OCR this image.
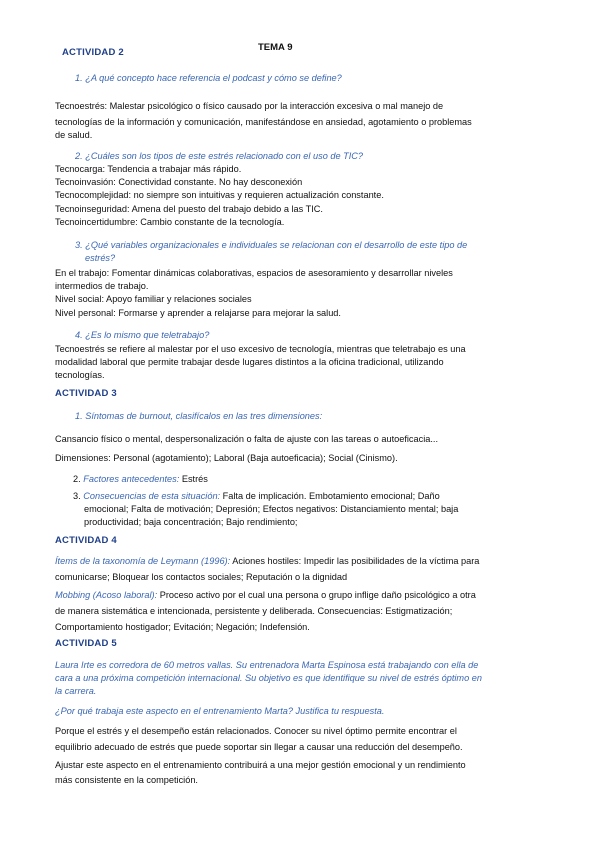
ACTIVIDAD 2	TEMA 9
1. ¿A qué concepto hace referencia el podcast y cómo se define?
Tecnoestrés: Malestar psicológico o físico causado por la interacción excesiva o mal manejo de
tecnologías de la información y comunicación, manifestándose en ansiedad, agotamiento o problemas
de salud.
2. ¿Cuáles son los tipos de este estrés relacionado con el uso de TIC?
Tecnocarga: Tendencia a trabajar más rápido.
Tecnoinvasión: Conectividad constante. No hay desconexión
Tecnocomplejidad: no siempre son intuitivas y requieren actualización constante.
Tecnoinseguridad: Amena del puesto del trabajo debido a las TIC.
Tecnoincertidumbre: Cambio constante de la tecnología.
3. ¿Qué variables organizacionales e individuales se relacionan con el desarrollo de este tipo de
estrés?
En el trabajo: Fomentar dinámicas colaborativas, espacios de asesoramiento y desarrollar niveles
intermedios de trabajo.
Nivel social: Apoyo familiar y relaciones sociales
Nivel personal: Formarse y aprender a relajarse para mejorar la salud.
4. ¿Es lo mismo que teletrabajo?
Tecnoestrés se refiere al malestar por el uso excesivo de tecnología, mientras que teletrabajo es una
modalidad laboral que permite trabajar desde lugares distintos a la oficina tradicional, utilizando
tecnologías.
ACTIVIDAD 3
1. Síntomas de burnout, clasifícalos en las tres dimensiones:
Cansancio físico o mental, despersonalización o falta de ajuste con las tareas o autoeficacia...
Dimensiones: Personal (agotamiento); Laboral (Baja autoeficacia); Social (Cinismo).
2. Factores antecedentes: Estrés
3. Consecuencias de esta situación: Falta de implicación. Embotamiento emocional; Daño
emocional; Falta de motivación; Depresión; Efectos negativos: Distanciamiento mental; baja
productividad; baja concentración; Bajo rendimiento;
ACTIVIDAD 4
Ítems de la taxonomía de Leymann (1996): Aciones hostiles: Impedir las posibilidades de la víctima para
comunicarse; Bloquear los contactos sociales; Reputación o la dignidad
Mobbing (Acoso laboral): Proceso activo por el cual una persona o grupo inflige daño psicológico a otra
de manera sistemática e intencionada, persistente y deliberada. Consecuencias: Estigmatización;
Comportamiento hostigador; Evitación; Negación; Indefensión.
ACTIVIDAD 5
Laura Irte es corredora de 60 metros vallas. Su entrenadora Marta Espinosa está trabajando con ella de
cara a una próxima competición internacional. Su objetivo es que identifique su nivel de estrés óptimo en
la carrera.
¿Por qué trabaja este aspecto en el entrenamiento Marta? Justifica tu respuesta.
Porque el estrés y el desempeño están relacionados. Conocer su nivel óptimo permite encontrar el
equilibrio adecuado de estrés que puede soportar sin llegar a causar una reducción del desempeño.
Ajustar este aspecto en el entrenamiento contribuirá a una mejor gestión emocional y un rendimiento
más consistente en la competición.
